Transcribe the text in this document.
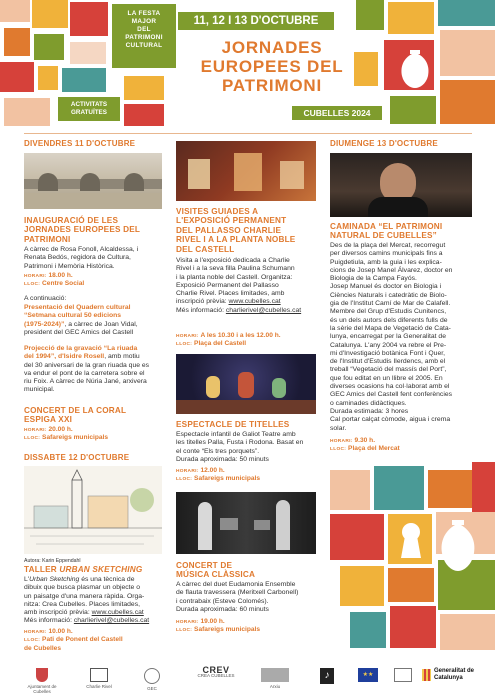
LA FESTA
MAJOR
DEL
PATRIMONI
CULTURAL
ACTIVITATS
GRATUÏTES
11, 12 I 13 D'OCTUBRE
JORNADES
EUROPEES DEL
PATRIMONI
CUBELLES 2024
DIVENDRES 11 D'OCTUBRE
INAUGURACIÓ DE LES
JORNADES EUROPEES DEL
PATRIMONI
A càrrec de Rosa Fonoll, Alcaldessa, i
Renata Bedós, regidora de Cultura,
Patrimoni i Memòria Històrica.
HORARI: 18.00 h.
LLOC: Centre Social
A continuació:
Presentació del Quadern cultural
“Setmana cultural 50 edicions
(1975-2024)”, a càrrec de Joan Vidal,
president del GEC Amics del Castell
Projecció de la gravació “La riuada
del 1994”, d'Isidre Rosell, amb motiu
del 30 aniversari de la gran riuada que es
va endur el pont de la carretera sobre el
riu Foix. A càrrec de Núria Jané, arxivera
municipal.
CONCERT DE LA CORAL
ESPIGA XXI
HORARI: 20.00 h.
LLOC: Safareigs municipals
DISSABTE 12 D'OCTUBRE
Autora: Karin Eppendahl
TALLER URBAN SKETCHING
L'Urban Sketching és una tècnica de
dibuix que busca plasmar un objecte o
un paisatge d'una manera ràpida. Orga-
nitza: Crea Cubelles. Places limitades,
amb inscripció prèvia: www.cubelles.cat
Més informació: charlierivel@cubelles.cat
HORARI: 10.00 h.
LLOC: Pati de Ponent del Castell
de Cubelles
VISITES GUIADES A
L'EXPOSICIÓ PERMANENT
DEL PALLASSO CHARLIE
RIVEL I A LA PLANTA NOBLE
DEL CASTELL
Visita a l'exposició dedicada a Charlie
Rivel i a la seva filla Paulina Schumann
i la planta noble del Castell. Organitza:
Exposició Permanent del Pallasso
Charlie Rivel. Places limitades, amb
inscripció prèvia: www.cubelles.cat
Més informació: charlierivel@cubelles.cat
HORARI: A les 10.30 i a les 12.00 h.
LLOC: Plaça del Castell
ESPECTACLE DE TITELLES
Espectacle infantil de Galiot Teatre amb
les titelles Palla, Fusta i Rodona. Basat en
el conte “Els tres porquets”.
Durada aproximada: 50 minuts
HORARI: 12.00 h.
LLOC: Safareigs municipals
CONCERT DE
MÚSICA CLÀSSICA
A càrrec del duet Eudamonia Ensemble
de flauta travessera (Meritxell Carbonell)
i contrabaix (Esteve Colomés).
Durada aproximada: 60 minuts
HORARI: 19.00 h.
LLOC: Safareigs municipals
DIUMENGE 13 D'OCTUBRE
CAMINADA “EL PATRIMONI
NATURAL DE CUBELLES”
Des de la plaça del Mercat, recorregut
per diversos camins municipals fins a
Puigdetiula, amb la guia i les explica-
cions de Josep Manel Álvarez, doctor en
Biologia de la Campa Fayós.
Josep Manuel és doctor en Biologia i
Ciències Naturals i catedràtic de Biolo-
gia de l'Institut Camí de Mar de Calafell.
Membre del Grup d'Estudis Cunitencs,
és un dels autors dels diferents fulls de
la sèrie del Mapa de Vegetació de Cata-
lunya, encarregat per la Generalitat de
Catalunya. L'any 2004 va rebre el Pre-
mi d'Investigació botànica Font i Quer,
de l'Institut d'Estudis Ilerdencs, amb el
treball “Vegetació del massís del Port”,
que fou editat en un llibre el 2005. En
diverses ocasions ha col·laborat amb el
GEC Amics del Castell fent conferències
o caminades didàctiques.
Durada estimada: 3 hores
Cal portar calçat còmode, aigua i crema
solar.
HORARI: 9.30 h.
LLOC: Plaça del Mercat
Ajuntament de Cubelles
Charlie Rivel	GEC
CREV
CREA CUBELLES
Arxiu
♪	★★
Generalitat de Catalunya
